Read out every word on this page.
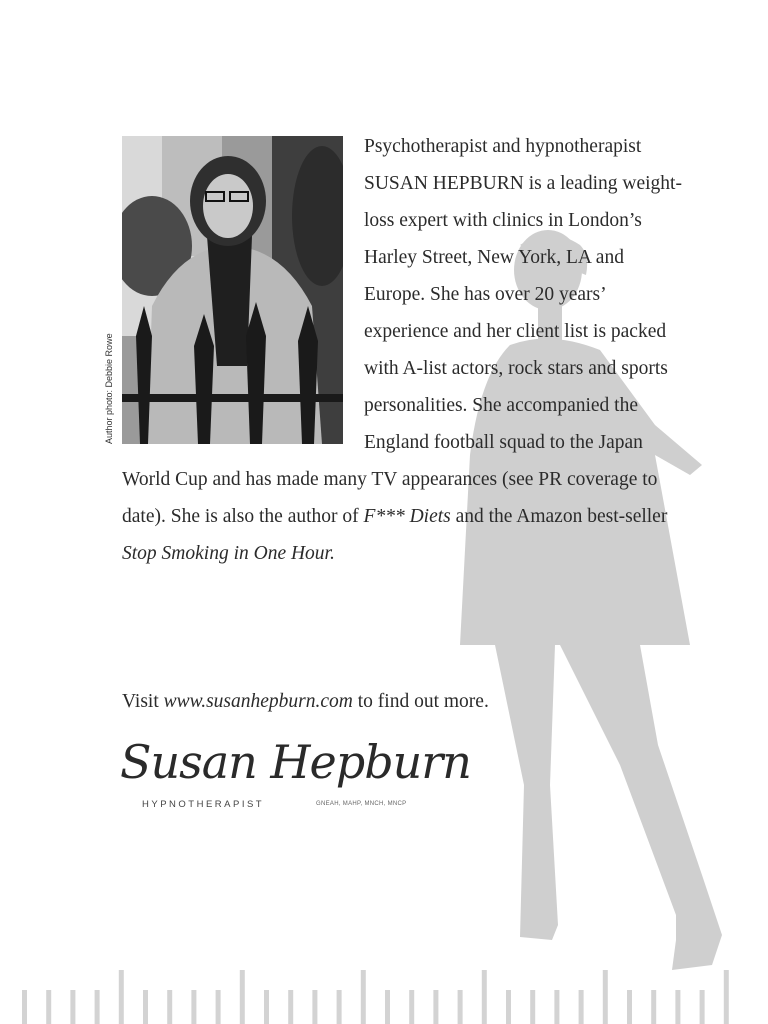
Author photo: Debbie Rowe

Psychotherapist and hypnotherapist SUSAN HEPBURN is a leading weight-loss expert with clinics in London’s Harley Street, New York, LA and Europe. She has over 20 years’ experience and her client list is packed with A-list actors, rock stars and sports personalities. She accompanied the England football squad to the Japan World Cup and has made many TV appearances (see PR coverage to date). She is also the author of F*** Diets and the Amazon best-seller Stop Smoking in One Hour.

Visit www.susanhepburn.com to find out more.

Susan Hepburn
HYPNOTHERAPIST	GNEAH, MAHP, MNCH, MNCP
